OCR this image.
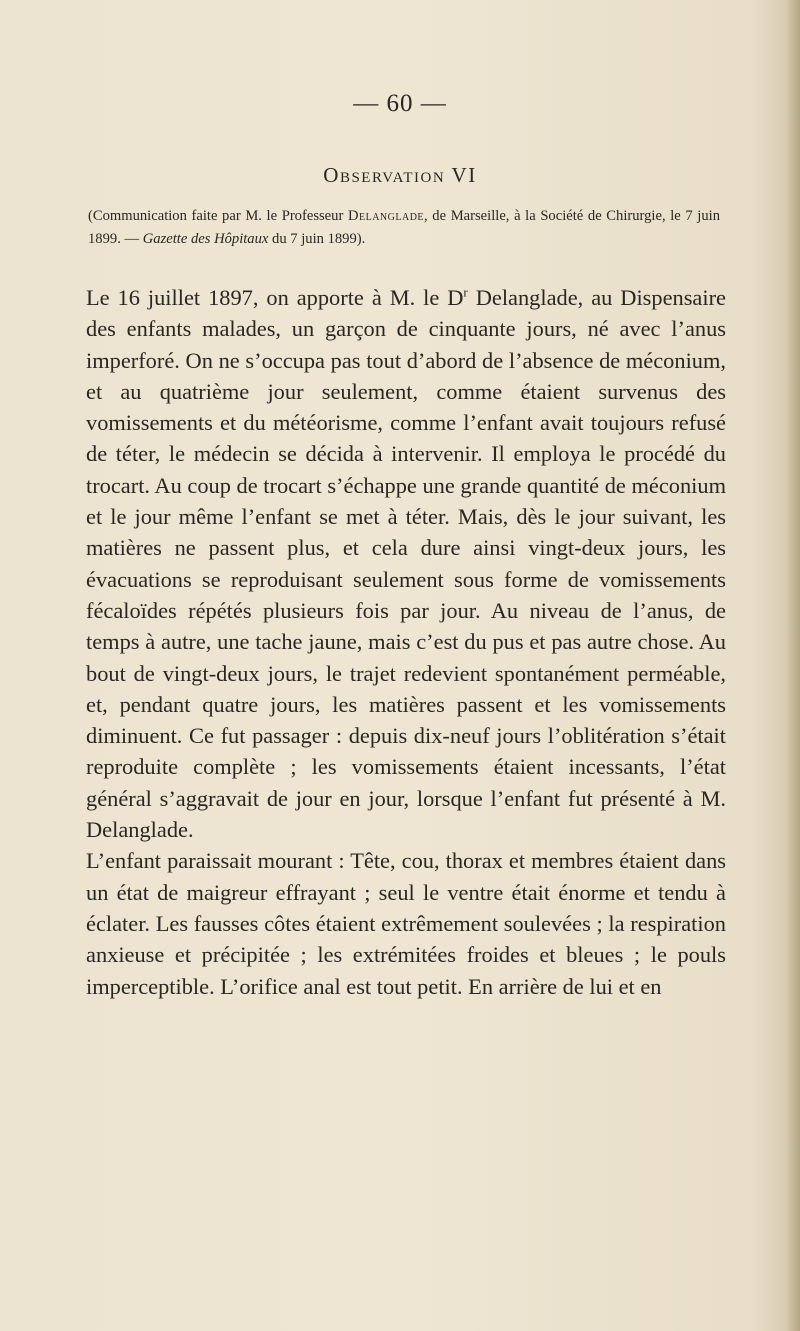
— 60 —
Observation VI
(Communication faite par M. le Professeur Delanglade, de Marseille, à la Société de Chirurgie, le 7 juin 1899. — Gazette des Hôpitaux du 7 juin 1899).

Le 16 juillet 1897, on apporte à M. le $D^r$ Delanglade, au Dispensaire des enfants malades, un garçon de cinquante jours, né avec l’anus imperforé. On ne s’occupa pas tout d’abord de l’absence de méconium, et au quatrième jour seulement, comme étaient survenus des vomissements et du météorisme, comme l’enfant avait toujours refusé de téter, le médecin se décida à intervenir. Il employa le procédé du trocart. Au coup de trocart s’échappe une grande quantité de méconium et le jour même l’enfant se met à téter. Mais, dès le jour suivant, les matières ne passent plus, et cela dure ainsi vingt-deux jours, les évacuations se reproduisant seulement sous forme de vomissements fécaloïdes répétés plusieurs fois par jour. Au niveau de l’anus, de temps à autre, une tache jaune, mais c’est du pus et pas autre chose. Au bout de vingt-deux jours, le trajet redevient spontanément perméable, et, pendant quatre jours, les matières passent et les vomissements diminuent. Ce fut passager : depuis dix-neuf jours l’oblitération s’était reproduite complète ; les vomissements étaient incessants, l’état général s’aggravait de jour en jour, lorsque l’enfant fut présenté à M. Delanglade.

L’enfant paraissait mourant : Tête, cou, thorax et membres étaient dans un état de maigreur effrayant ; seul le ventre était énorme et tendu à éclater. Les fausses côtes étaient extrêmement soulevées ; la respiration anxieuse et précipitée ; les extrémitées froides et bleues ; le pouls imperceptible. L’orifice anal est tout petit. En arrière de lui et en
